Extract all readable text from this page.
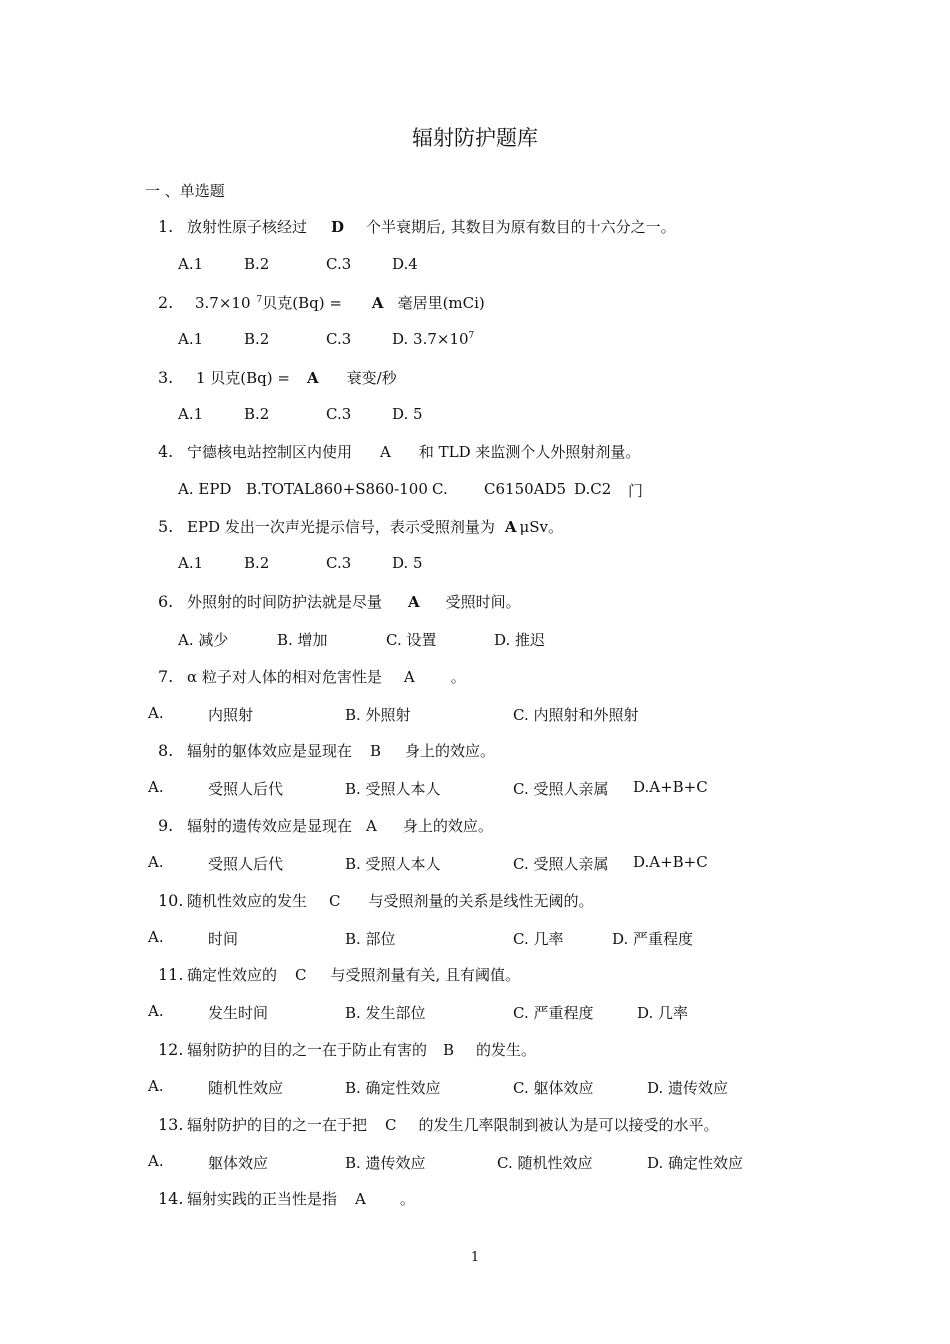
辐射防护题库
一 、单选题
1. 放射性原子核经过 D 个半衰期后, 其数目为原有数目的十六分之一。
A.1	B.2	C.3	D.4
2. 3.7×10 $^7$贝克(Bq) = A 毫居里(mCi)
A.1	B.2	C.3	D. $3.7\times 10^7$
3. 1 贝克(Bq) = A 衰变/秒
A.1	B.2	C.3	D. 5
4. 宁德核电站控制区内使用 A 和 TLD 来监测个人外照射剂量。
A. EPD B.TOTAL860+S860-100 C. C6150AD5 D.C2 门
5. EPD 发出一次声光提示信号，表示受照剂量为 A μSv。
A.1	B.2	C.3	D. 5
6. 外照射的时间防护法就是尽量 A 受照时间。
A. 减少	B. 增加	C. 设置	D. 推迟
7. α 粒子对人体的相对危害性是 A 。
A.	内照射	B. 外照射	C. 内照射和外照射
8. 辐射的躯体效应是显现在 B 身上的效应。
A.	受照人后代	B. 受照人本人	C. 受照人亲属 D.A+B+C
9. 辐射的遗传效应是显现在 A 身上的效应。
A.	受照人后代	B. 受照人本人	C. 受照人亲属 D.A+B+C
10. 随机性效应的发生 C 与受照剂量的关系是线性无阈的。
A.	时间	B. 部位	C. 几率	D. 严重程度
11. 确定性效应的 C 与受照剂量有关, 且有阈值。
A.	发生时间	B. 发生部位	C. 严重程度	D. 几率
12. 辐射防护的目的之一在于防止有害的 B 的发生。
A.	随机性效应	B. 确定性效应	C. 躯体效应	D. 遗传效应
13. 辐射防护的目的之一在于把 C 的发生几率限制到被认为是可以接受的水平。
A.	躯体效应	B. 遗传效应	C. 随机性效应	D. 确定性效应
14. 辐射实践的正当性是指 A 。
1
